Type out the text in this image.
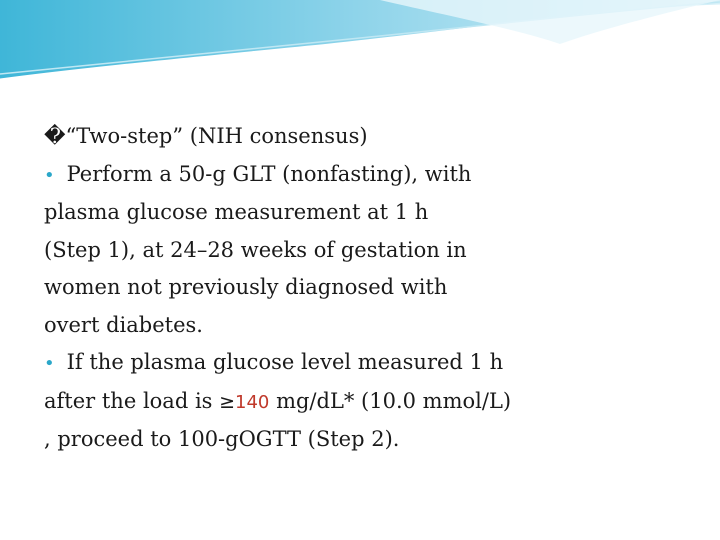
�“Two-step” (NIH consensus)
• Perform a 50-g GLT (nonfasting), with
plasma glucose measurement at 1 h
(Step 1), at 24–28 weeks of gestation in
women not previously diagnosed with
overt diabetes.
• If the plasma glucose level measured 1 h
after the load is ≥140 mg/dL* (10.0 mmol/L)
, proceed to 100-gOGTT (Step 2).
